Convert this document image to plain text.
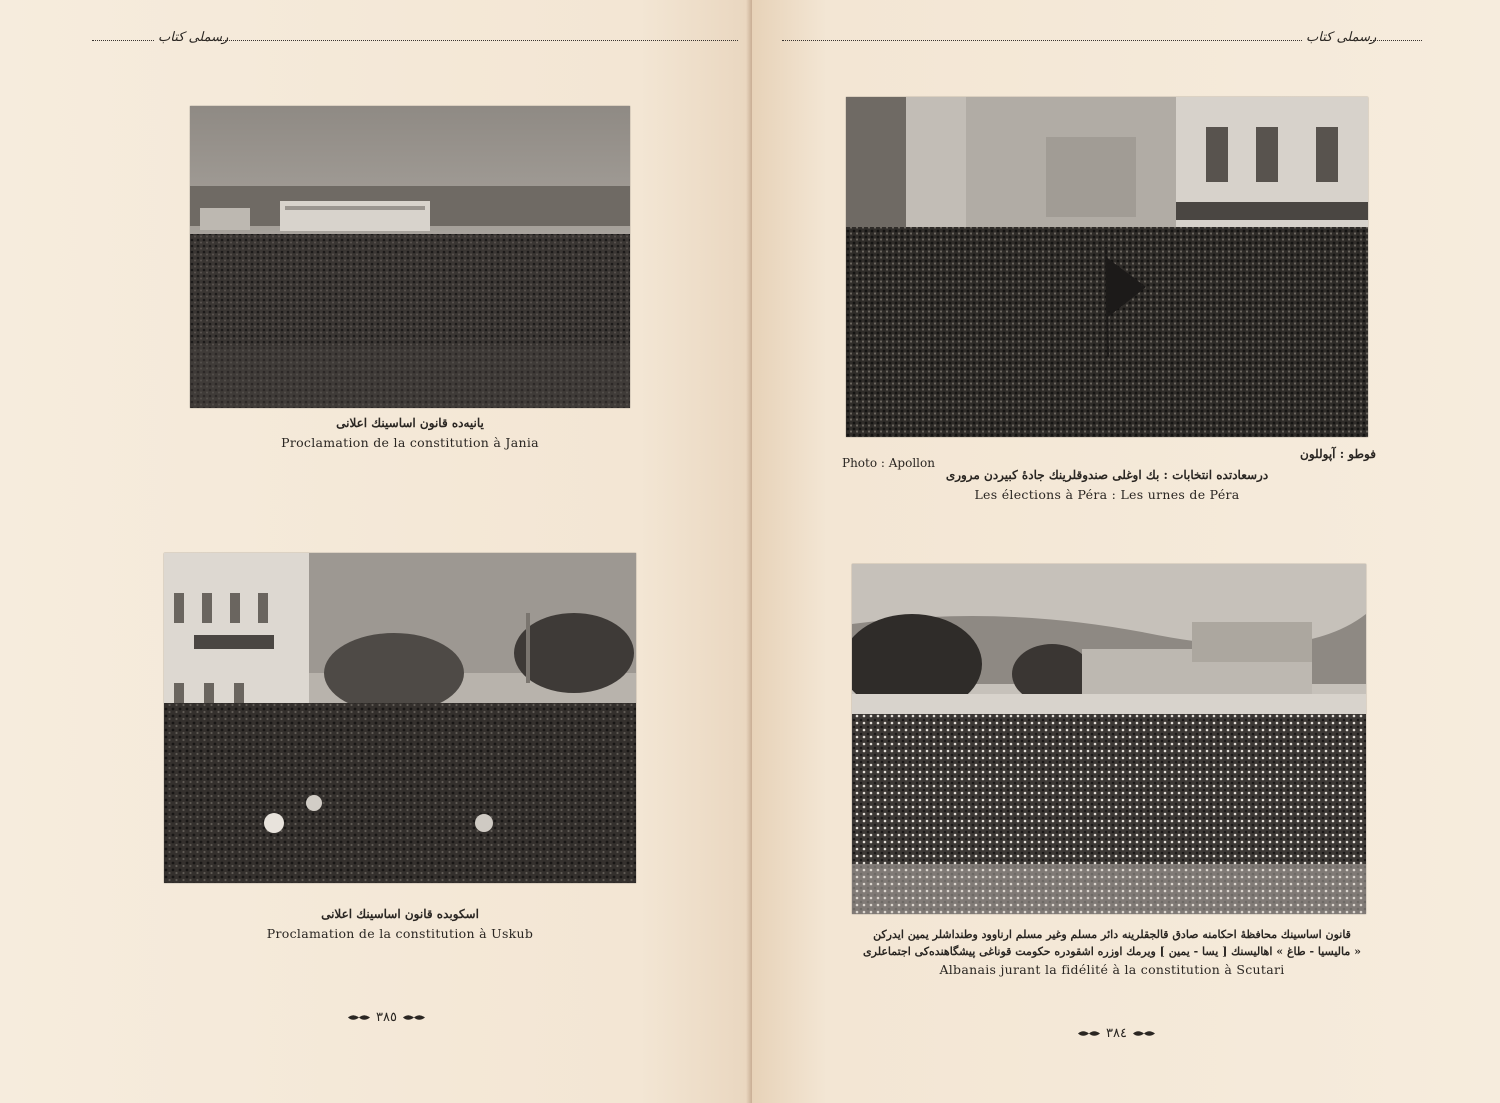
رسملی کتاب
یانیه‌ده قانون اساسینك اعلانی
Proclamation de la constitution à Jania
اسکوبده قانون اساسینك اعلانی
Proclamation de la constitution à Uskub
٣٨٥
رسملی کتاب
Photo : Apollon
فوطو : آپوللون
درسعادتده انتخابات : بك اوغلی صندوقلرینك جادهٔ کبیردن مروری
Les élections à Péra : Les urnes de Péra
قانون اساسینك محافظهٔ احکامنه صادق قالجقلرینه دائر مسلم وغیر مسلم ارناوود وطنداشلر یمین ایدرکن
« مالیسیا - طاغ » اهالیسنك [ یسا - یمین ] ویرمك اوزره اشقودره حکومت قوناغی پیشگاهنده‌کی اجتماعلری
Albanais jurant la fidélité à la constitution à Scutari
٣٨٤
